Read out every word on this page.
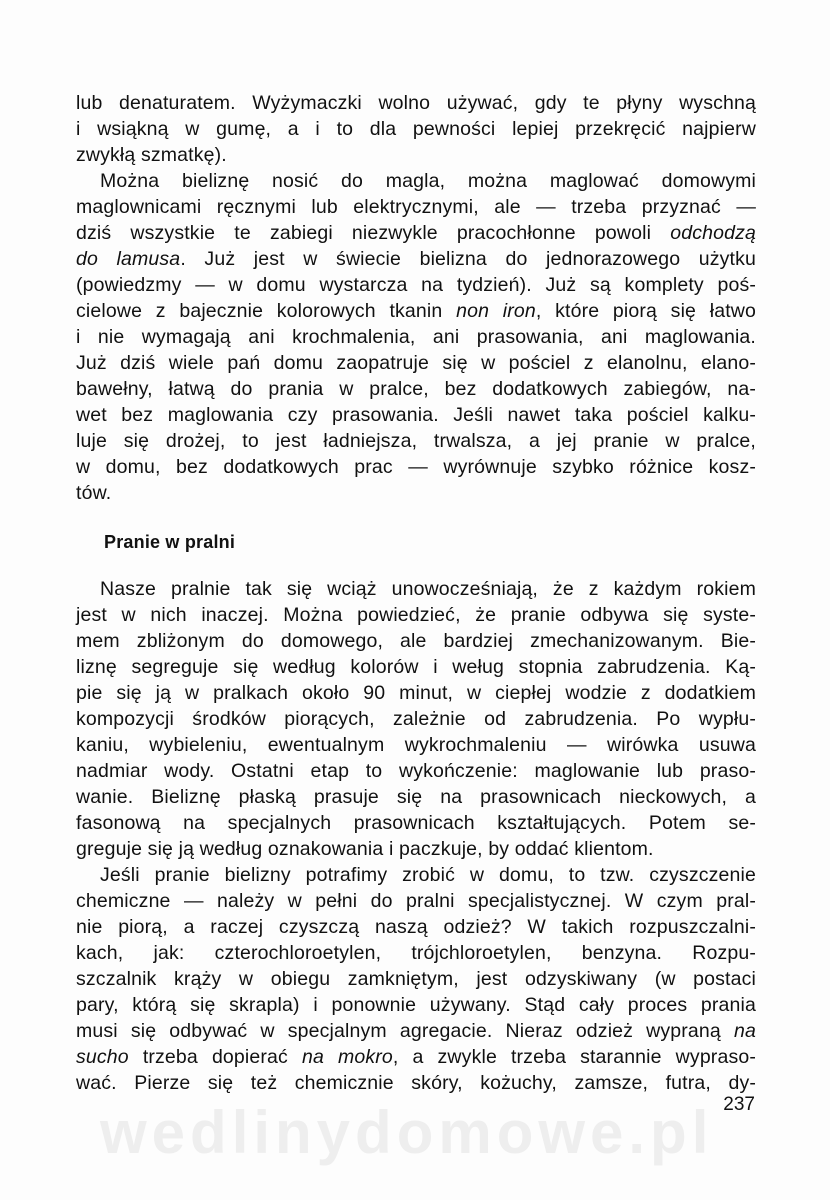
wedlinydomowe.pl
lub denaturatem. Wyżymaczki wolno używać, gdy te płyny wyschną
i wsiąkną w gumę, a i to dla pewności lepiej przekręcić najpierw
zwykłą szmatkę).
Można bieliznę nosić do magla, można maglować domowymi
maglownicami ręcznymi lub elektrycznymi, ale — trzeba przyznać —
dziś wszystkie te zabiegi niezwykle pracochłonne powoli odchodzą
do lamusa. Już jest w świecie bielizna do jednorazowego użytku
(powiedzmy — w domu wystarcza na tydzień). Już są komplety poś-
cielowe z bajecznie kolorowych tkanin non iron, które piorą się łatwo
i nie wymagają ani krochmalenia, ani prasowania, ani maglowania.
Już dziś wiele pań domu zaopatruje się w pościel z elanolnu, elano-
bawełny, łatwą do prania w pralce, bez dodatkowych zabiegów, na-
wet bez maglowania czy prasowania. Jeśli nawet taka pościel kalku-
luje się drożej, to jest ładniejsza, trwalsza, a jej pranie w pralce,
w domu, bez dodatkowych prac — wyrównuje szybko różnice kosz-
tów.
Pranie w pralni
Nasze pralnie tak się wciąż unowocześniają, że z każdym rokiem
jest w nich inaczej. Można powiedzieć, że pranie odbywa się syste-
mem zbliżonym do domowego, ale bardziej zmechanizowanym. Bie-
liznę segreguje się według kolorów i weług stopnia zabrudzenia. Ką-
pie się ją w pralkach około 90 minut, w ciepłej wodzie z dodatkiem
kompozycji środków piorących, zależnie od zabrudzenia. Po wypłu-
kaniu, wybieleniu, ewentualnym wykrochmaleniu — wirówka usuwa
nadmiar wody. Ostatni etap to wykończenie: maglowanie lub praso-
wanie. Bieliznę płaską prasuje się na prasownicach nieckowych, a
fasonową na specjalnych prasownicach kształtujących. Potem se-
greguje się ją według oznakowania i paczkuje, by oddać klientom.
Jeśli pranie bielizny potrafimy zrobić w domu, to tzw. czyszczenie
chemiczne — należy w pełni do pralni specjalistycznej. W czym pral-
nie piorą, a raczej czyszczą naszą odzież? W takich rozpuszczalni-
kach, jak: czterochloroetylen, trójchloroetylen, benzyna. Rozpu-
szczalnik krąży w obiegu zamkniętym, jest odzyskiwany (w postaci
pary, którą się skrapla) i ponownie używany. Stąd cały proces prania
musi się odbywać w specjalnym agregacie. Nieraz odzież wypraną na
sucho trzeba dopierać na mokro, a zwykle trzeba starannie wypraso-
wać. Pierze się też chemicznie skóry, kożuchy, zamsze, futra, dy-
237
